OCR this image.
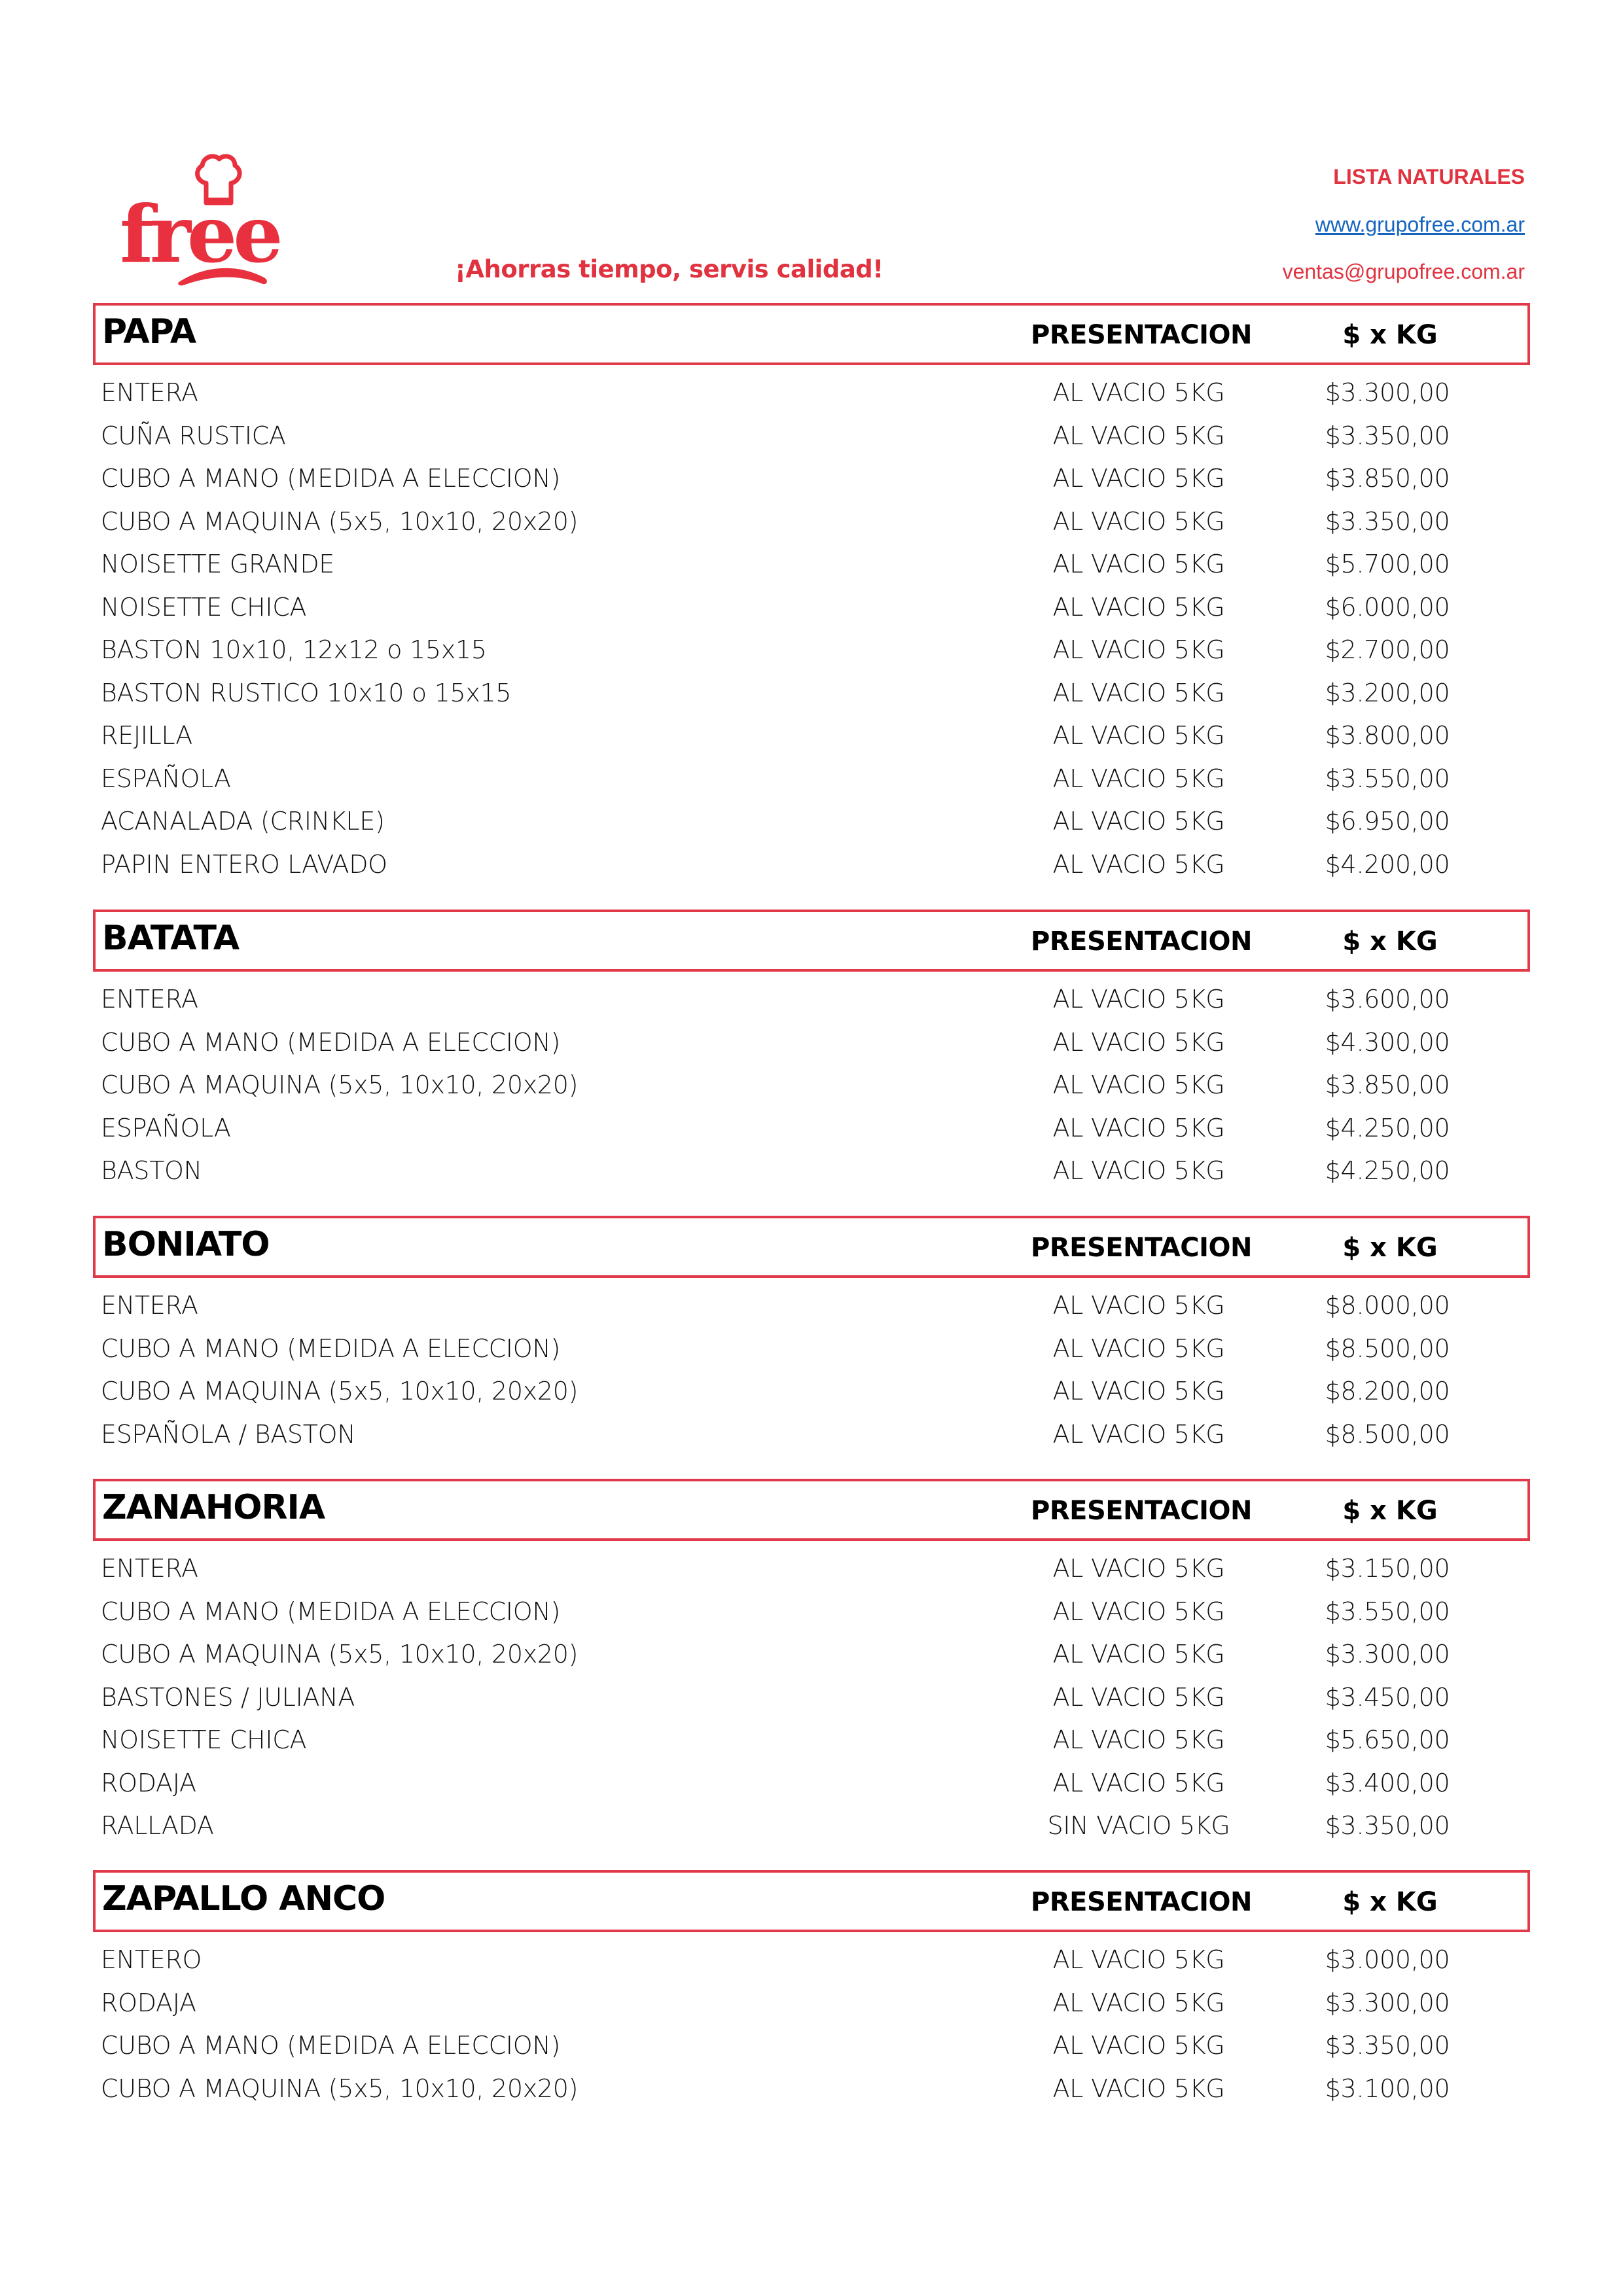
free	¡Ahorras tiempo, servis calidad!
LISTA NATURALES
www.grupofree.com.ar
ventas@grupofree.com.ar
PAPA	PRESENTACION	$ x KG
ENTERA	AL VACIO 5KG	$3.300,00
CUÑA RUSTICA	AL VACIO 5KG	$3.350,00
CUBO A MANO (MEDIDA A ELECCION)	AL VACIO 5KG	$3.850,00
CUBO A MAQUINA (5x5, 10x10, 20x20)	AL VACIO 5KG	$3.350,00
NOISETTE GRANDE	AL VACIO 5KG	$5.700,00
NOISETTE CHICA	AL VACIO 5KG	$6.000,00
BASTON 10x10, 12x12 o 15x15	AL VACIO 5KG	$2.700,00
BASTON RUSTICO 10x10 o 15x15	AL VACIO 5KG	$3.200,00
REJILLA	AL VACIO 5KG	$3.800,00
ESPAÑOLA	AL VACIO 5KG	$3.550,00
ACANALADA (CRINKLE)	AL VACIO 5KG	$6.950,00
PAPIN ENTERO LAVADO	AL VACIO 5KG	$4.200,00
BATATA	PRESENTACION	$ x KG
ENTERA	AL VACIO 5KG	$3.600,00
CUBO A MANO (MEDIDA A ELECCION)	AL VACIO 5KG	$4.300,00
CUBO A MAQUINA (5x5, 10x10, 20x20)	AL VACIO 5KG	$3.850,00
ESPAÑOLA	AL VACIO 5KG	$4.250,00
BASTON	AL VACIO 5KG	$4.250,00
BONIATO	PRESENTACION	$ x KG
ENTERA	AL VACIO 5KG	$8.000,00
CUBO A MANO (MEDIDA A ELECCION)	AL VACIO 5KG	$8.500,00
CUBO A MAQUINA (5x5, 10x10, 20x20)	AL VACIO 5KG	$8.200,00
ESPAÑOLA / BASTON	AL VACIO 5KG	$8.500,00
ZANAHORIA	PRESENTACION	$ x KG
ENTERA	AL VACIO 5KG	$3.150,00
CUBO A MANO (MEDIDA A ELECCION)	AL VACIO 5KG	$3.550,00
CUBO A MAQUINA (5x5, 10x10, 20x20)	AL VACIO 5KG	$3.300,00
BASTONES / JULIANA	AL VACIO 5KG	$3.450,00
NOISETTE CHICA	AL VACIO 5KG	$5.650,00
RODAJA	AL VACIO 5KG	$3.400,00
RALLADA	SIN VACIO 5KG	$3.350,00
ZAPALLO ANCO	PRESENTACION	$ x KG
ENTERO	AL VACIO 5KG	$3.000,00
RODAJA	AL VACIO 5KG	$3.300,00
CUBO A MANO (MEDIDA A ELECCION)	AL VACIO 5KG	$3.350,00
CUBO A MAQUINA (5x5, 10x10, 20x20)	AL VACIO 5KG	$3.100,00
